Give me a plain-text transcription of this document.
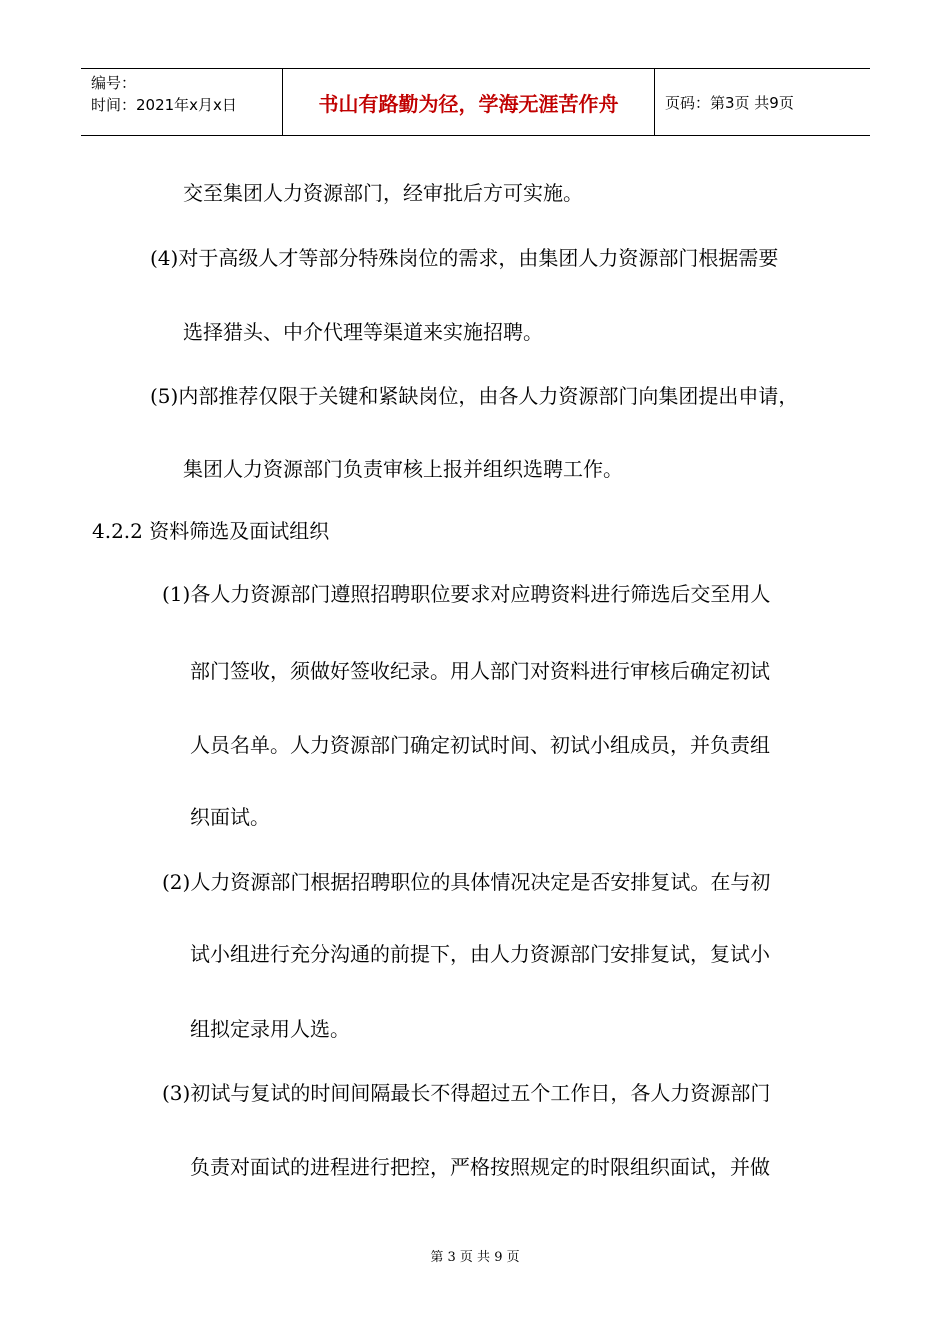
编号：
时间：2021年x月x日	书山有路勤为径，学海无涯苦作舟	页码：第3页 共9页
交至集团人力资源部门，经审批后方可实施。
(4)对于高级人才等部分特殊岗位的需求，由集团人力资源部门根据需要
选择猎头、中介代理等渠道来实施招聘。
(5)内部推荐仅限于关键和紧缺岗位，由各人力资源部门向集团提出申请，
集团人力资源部门负责审核上报并组织选聘工作。
4.2.2 资料筛选及面试组织
(1)各人力资源部门遵照招聘职位要求对应聘资料进行筛选后交至用人
部门签收，须做好签收纪录。用人部门对资料进行审核后确定初试
人员名单。人力资源部门确定初试时间、初试小组成员，并负责组
织面试。
(2)人力资源部门根据招聘职位的具体情况决定是否安排复试。在与初
试小组进行充分沟通的前提下，由人力资源部门安排复试，复试小
组拟定录用人选。
(3)初试与复试的时间间隔最长不得超过五个工作日，各人力资源部门
负责对面试的进程进行把控，严格按照规定的时限组织面试，并做
第 3 页 共 9 页
